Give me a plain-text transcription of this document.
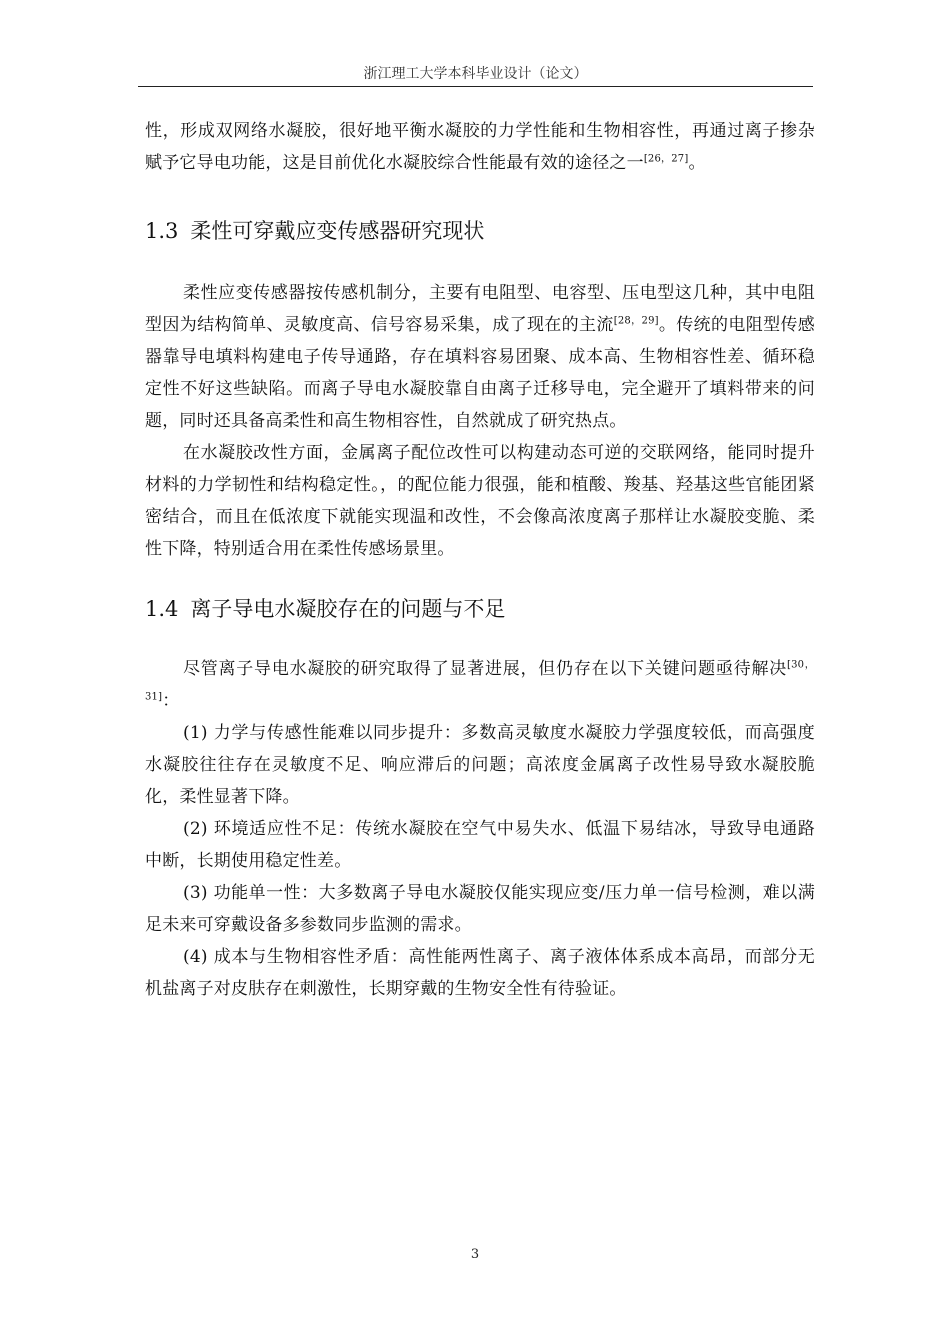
浙江理工大学本科毕业设计（论文）

性，形成双网络水凝胶，很好地平衡水凝胶的力学性能和生物相容性，再通过离子掺杂赋予它导电功能，这是目前优化水凝胶综合性能最有效的途径之一[26，27]。

1.3 柔性可穿戴应变传感器研究现状

柔性应变传感器按传感机制分，主要有电阻型、电容型、压电型这几种，其中电阻型因为结构简单、灵敏度高、信号容易采集，成了现在的主流[28，29]。传统的电阻型传感器靠导电填料构建电子传导通路，存在填料容易团聚、成本高、生物相容性差、循环稳定性不好这些缺陷。而离子导电水凝胶靠自由离子迁移导电，完全避开了填料带来的问题，同时还具备高柔性和高生物相容性，自然就成了研究热点。

在水凝胶改性方面，金属离子配位改性可以构建动态可逆的交联网络，能同时提升材料的力学韧性和结构稳定性。，的配位能力很强，能和植酸、羧基、羟基这些官能团紧密结合，而且在低浓度下就能实现温和改性，不会像高浓度离子那样让水凝胶变脆、柔性下降，特别适合用在柔性传感场景里。

1.4 离子导电水凝胶存在的问题与不足

尽管离子导电水凝胶的研究取得了显著进展，但仍存在以下关键问题亟待解决[30，31]：

(1) 力学与传感性能难以同步提升：多数高灵敏度水凝胶力学强度较低，而高强度水凝胶往往存在灵敏度不足、响应滞后的问题；高浓度金属离子改性易导致水凝胶脆化，柔性显著下降。

(2) 环境适应性不足：传统水凝胶在空气中易失水、低温下易结冰，导致导电通路中断，长期使用稳定性差。

(3) 功能单一性：大多数离子导电水凝胶仅能实现应变/压力单一信号检测，难以满足未来可穿戴设备多参数同步监测的需求。

(4) 成本与生物相容性矛盾：高性能两性离子、离子液体体系成本高昂，而部分无机盐离子对皮肤存在刺激性，长期穿戴的生物安全性有待验证。

3
